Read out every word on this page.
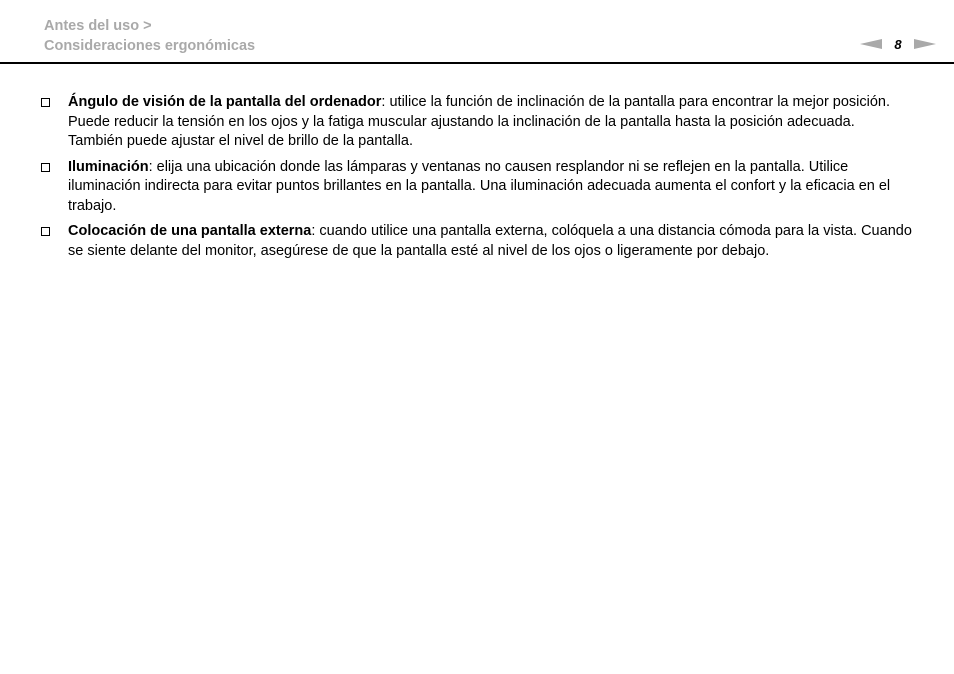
Antes del uso >
Consideraciones ergonómicas	8
Ángulo de visión de la pantalla del ordenador: utilice la función de inclinación de la pantalla para encontrar la mejor posición. Puede reducir la tensión en los ojos y la fatiga muscular ajustando la inclinación de la pantalla hasta la posición adecuada. También puede ajustar el nivel de brillo de la pantalla.
Iluminación: elija una ubicación donde las lámparas y ventanas no causen resplandor ni se reflejen en la pantalla. Utilice iluminación indirecta para evitar puntos brillantes en la pantalla. Una iluminación adecuada aumenta el confort y la eficacia en el trabajo.
Colocación de una pantalla externa: cuando utilice una pantalla externa, colóquela a una distancia cómoda para la vista. Cuando se siente delante del monitor, asegúrese de que la pantalla esté al nivel de los ojos o ligeramente por debajo.
